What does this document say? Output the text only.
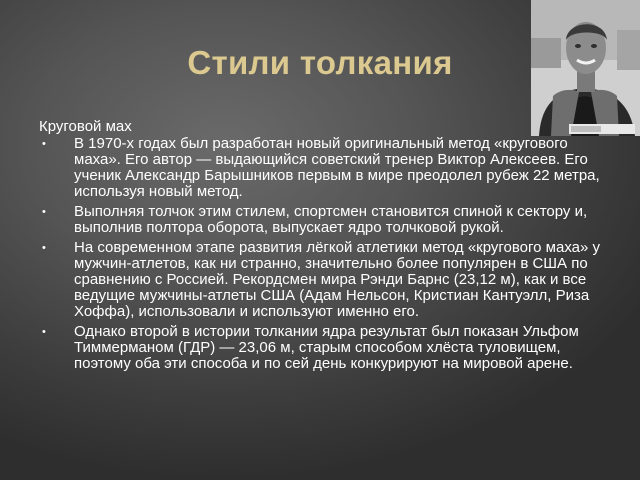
Стили толкания
Круговой мах
• В 1970-х годах был разработан новый оригинальный метод «кругового маха». Его автор — выдающийся советский тренер Виктор Алексеев. Его ученик Александр Барышников первым в мире преодолел рубеж 22 метра, используя новый метод.
• Выполняя толчок этим стилем, спортсмен становится спиной к сектору и, выполнив полтора оборота, выпускает ядро толчковой рукой.
• На современном этапе развития лёгкой атлетики метод «кругового маха» у мужчин-атлетов, как ни странно, значительно более популярен в США по сравнению с Россией. Рекордсмен мира Рэнди Барнс (23,12 м), как и все ведущие мужчины-атлеты США (Адам Нельсон, Кристиан Кантуэлл, Риза Хоффа), использовали и используют именно его.
• Однако второй в истории толкании ядра результат был показан Ульфом Тиммерманом (ГДР) — 23,06 м, старым способом хлёста туловищем, поэтому оба эти способа и по сей день конкурируют на мировой арене.
